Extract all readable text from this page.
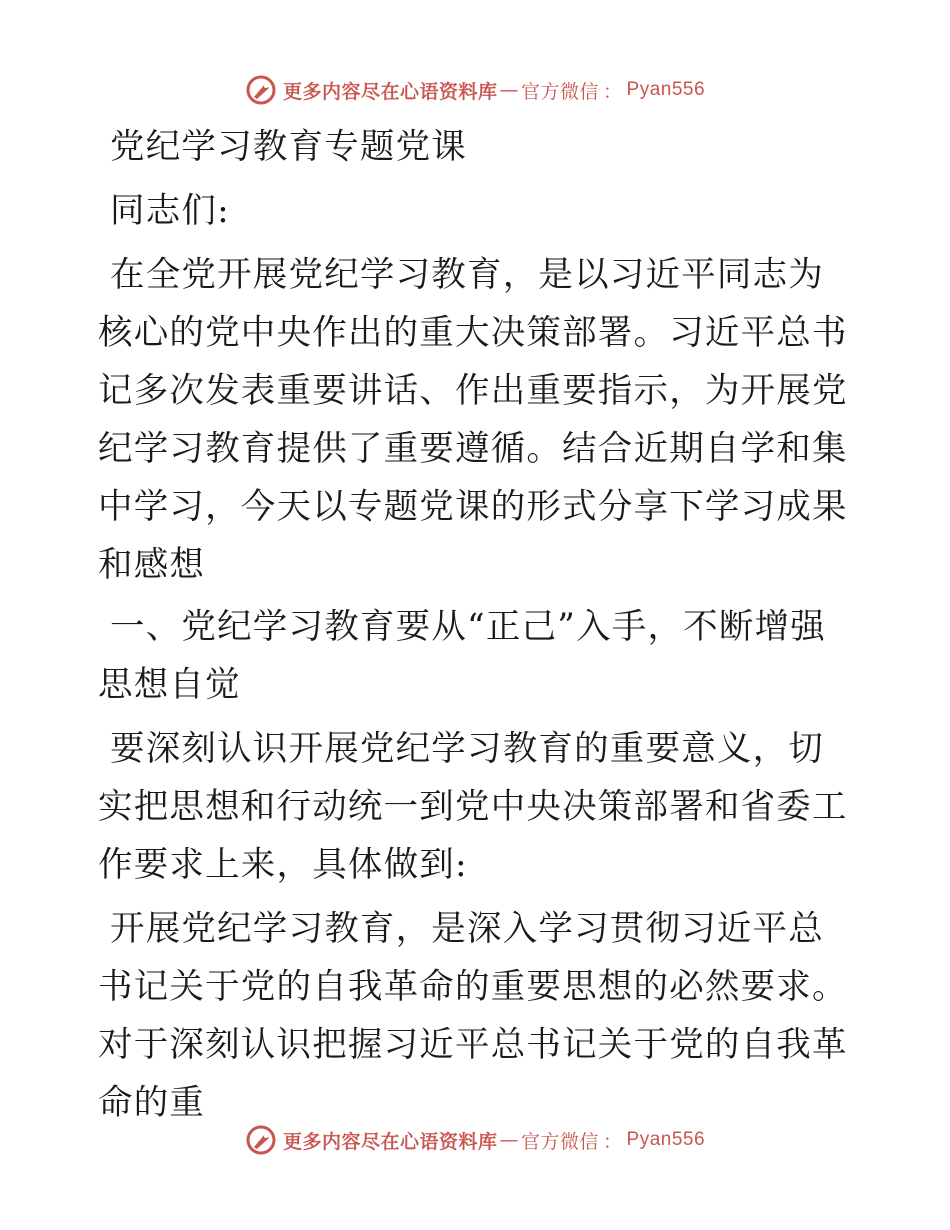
更多内容尽在心语资料库 — 官方微信 ： Pyan556

党纪学习教育专题党课

同志们:

在全党开展党纪学习教育，是以习近平同志为核心的党中央作出的重大决策部署。习近平总书记多次发表重要讲话、作出重要指示，为开展党纪学习教育提供了重要遵循。结合近期自学和集中学习，今天以专题党课的形式分享下学习成果和感想

一、党纪学习教育要从“正己”入手，不断增强思想自觉

要深刻认识开展党纪学习教育的重要意义，切实把思想和行动统一到党中央决策部署和省委工作要求上来，具体做到:

开展党纪学习教育，是深入学习贯彻习近平总书记关于党的自我革命的重要思想的必然要求。对于深刻认识把握习近平总书记关于党的自我革命的重

更多内容尽在心语资料库 — 官方微信 ： Pyan556
